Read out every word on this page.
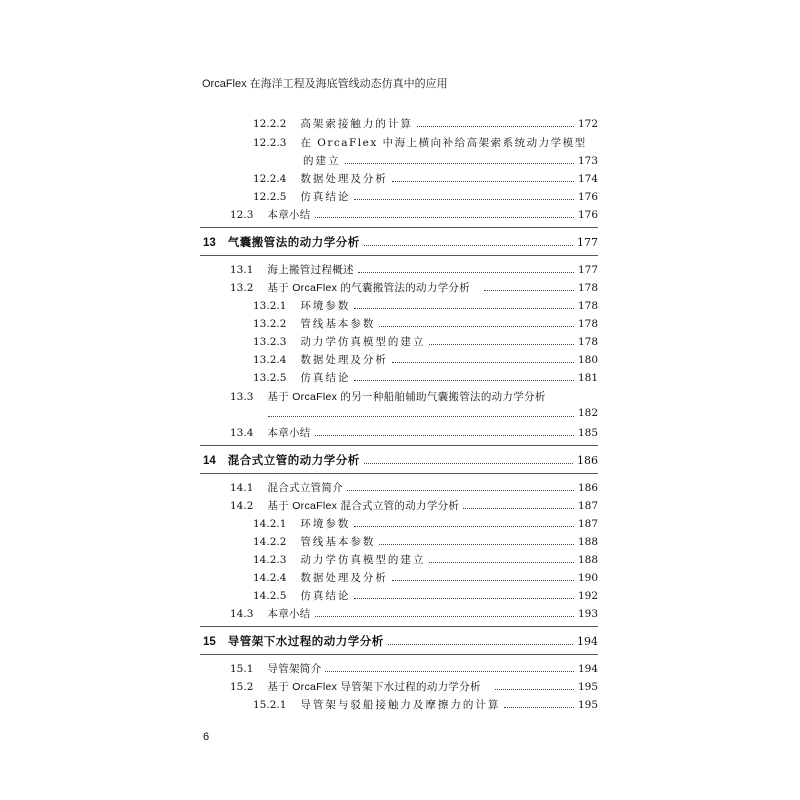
OrcaFlex 在海洋工程及海底管线动态仿真中的应用
12.2.2 高架索接触力的计算	172
12.2.3 在 OrcaFlex 中海上横向补给高架索系统动力学模型
的建立	173
12.2.4 数据处理及分析	174
12.2.5 仿真结论	176
12.3 本章小结	176
13 气囊搬管法的动力学分析	177
13.1 海上搬管过程概述	177
13.2 基于 OrcaFlex 的气囊搬管法的动力学分析	178
13.2.1 环境参数	178
13.2.2 管线基本参数	178
13.2.3 动力学仿真模型的建立	178
13.2.4 数据处理及分析	180
13.2.5 仿真结论	181
13.3 基于 OrcaFlex 的另一种船舶辅助气囊搬管法的动力学分析
182
13.4 本章小结	185
14 混合式立管的动力学分析	186
14.1 混合式立管简介	186
14.2 基于 OrcaFlex 混合式立管的动力学分析	187
14.2.1 环境参数	187
14.2.2 管线基本参数	188
14.2.3 动力学仿真模型的建立	188
14.2.4 数据处理及分析	190
14.2.5 仿真结论	192
14.3 本章小结	193
15 导管架下水过程的动力学分析	194
15.1 导管架简介	194
15.2 基于 OrcaFlex 导管架下水过程的动力学分析	195
15.2.1 导管架与驳船接触力及摩擦力的计算	195
6
